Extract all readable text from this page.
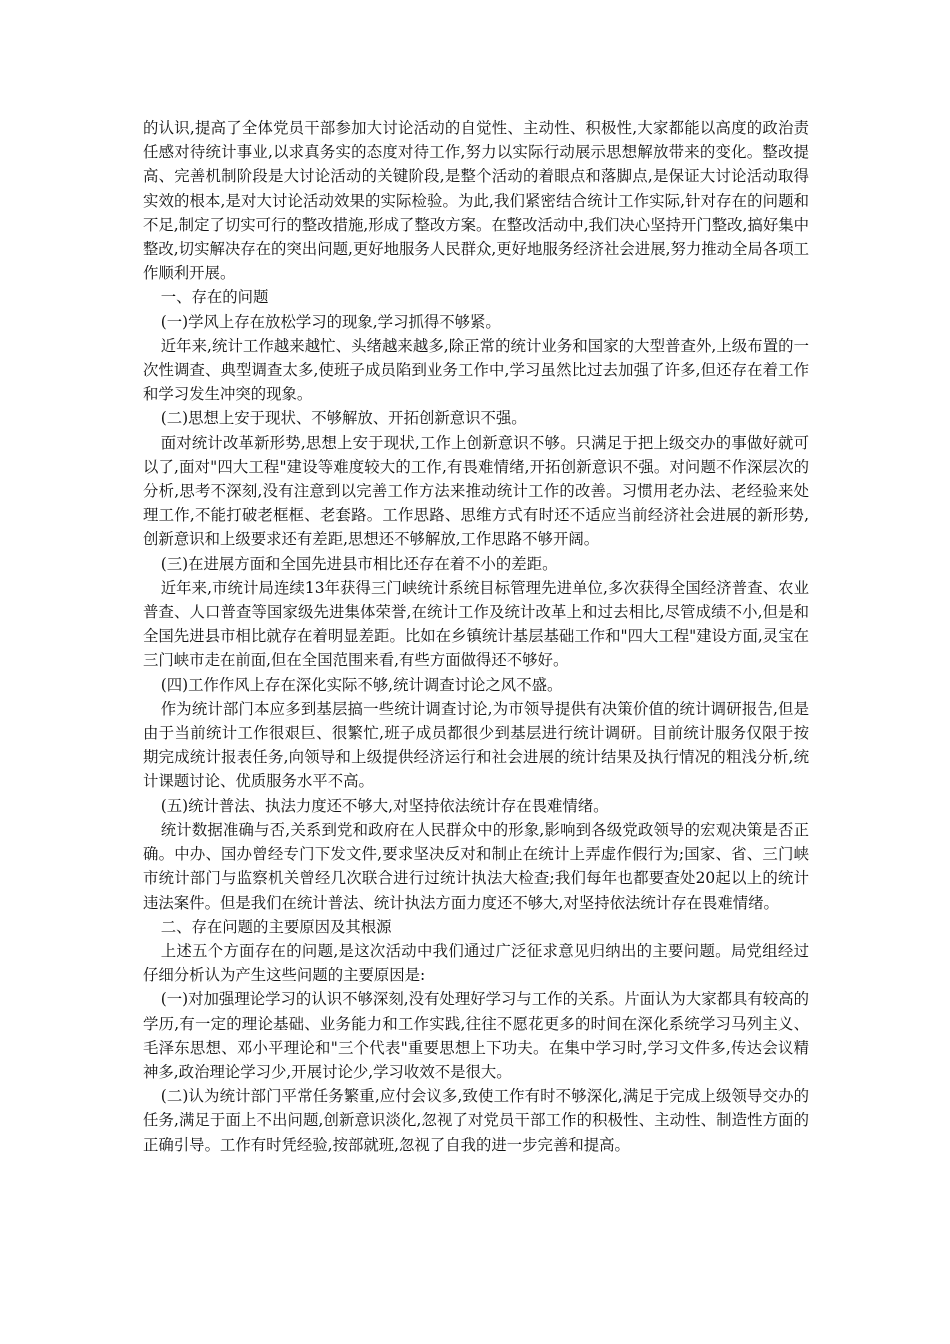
的认识,提高了全体党员干部参加大讨论活动的自觉性、主动性、积极性,大家都能以高度的政治责任感对待统计事业,以求真务实的态度对待工作,努力以实际行动展示思想解放带来的变化。整改提高、完善机制阶段是大讨论活动的关键阶段,是整个活动的着眼点和落脚点,是保证大讨论活动取得实效的根本,是对大讨论活动效果的实际检验。为此,我们紧密结合统计工作实际,针对存在的问题和不足,制定了切实可行的整改措施,形成了整改方案。在整改活动中,我们决心坚持开门整改,搞好集中整改,切实解决存在的突出问题,更好地服务人民群众,更好地服务经济社会进展,努力推动全局各项工作顺利开展。

一、存在的问题

(一)学风上存在放松学习的现象,学习抓得不够紧。

近年来,统计工作越来越忙、头绪越来越多,除正常的统计业务和国家的大型普查外,上级布置的一次性调查、典型调查太多,使班子成员陷到业务工作中,学习虽然比过去加强了许多,但还存在着工作和学习发生冲突的现象。

(二)思想上安于现状、不够解放、开拓创新意识不强。

面对统计改革新形势,思想上安于现状,工作上创新意识不够。只满足于把上级交办的事做好就可以了,面对"四大工程"建设等难度较大的工作,有畏难情绪,开拓创新意识不强。对问题不作深层次的分析,思考不深刻,没有注意到以完善工作方法来推动统计工作的改善。习惯用老办法、老经验来处理工作,不能打破老框框、老套路。工作思路、思维方式有时还不适应当前经济社会进展的新形势,创新意识和上级要求还有差距,思想还不够解放,工作思路不够开阔。

(三)在进展方面和全国先进县市相比还存在着不小的差距。

近年来,市统计局连续13年获得三门峡统计系统目标管理先进单位,多次获得全国经济普查、农业普查、人口普查等国家级先进集体荣誉,在统计工作及统计改革上和过去相比,尽管成绩不小,但是和全国先进县市相比就存在着明显差距。比如在乡镇统计基层基础工作和"四大工程"建设方面,灵宝在三门峡市走在前面,但在全国范围来看,有些方面做得还不够好。

(四)工作作风上存在深化实际不够,统计调查讨论之风不盛。

作为统计部门本应多到基层搞一些统计调查讨论,为市领导提供有决策价值的统计调研报告,但是由于当前统计工作很艰巨、很繁忙,班子成员都很少到基层进行统计调研。目前统计服务仅限于按期完成统计报表任务,向领导和上级提供经济运行和社会进展的统计结果及执行情况的粗浅分析,统计课题讨论、优质服务水平不高。

(五)统计普法、执法力度还不够大,对坚持依法统计存在畏难情绪。

统计数据准确与否,关系到党和政府在人民群众中的形象,影响到各级党政领导的宏观决策是否正确。中办、国办曾经专门下发文件,要求坚决反对和制止在统计上弄虚作假行为;国家、省、三门峡市统计部门与监察机关曾经几次联合进行过统计执法大检查;我们每年也都要查处20起以上的统计违法案件。但是我们在统计普法、统计执法方面力度还不够大,对坚持依法统计存在畏难情绪。

二、存在问题的主要原因及其根源

上述五个方面存在的问题,是这次活动中我们通过广泛征求意见归纳出的主要问题。局党组经过仔细分析认为产生这些问题的主要原因是:

(一)对加强理论学习的认识不够深刻,没有处理好学习与工作的关系。片面认为大家都具有较高的学历,有一定的理论基础、业务能力和工作实践,往往不愿花更多的时间在深化系统学习马列主义、毛泽东思想、邓小平理论和"三个代表"重要思想上下功夫。在集中学习时,学习文件多,传达会议精神多,政治理论学习少,开展讨论少,学习收效不是很大。

(二)认为统计部门平常任务繁重,应付会议多,致使工作有时不够深化,满足于完成上级领导交办的任务,满足于面上不出问题,创新意识淡化,忽视了对党员干部工作的积极性、主动性、制造性方面的正确引导。工作有时凭经验,按部就班,忽视了自我的进一步完善和提高。
